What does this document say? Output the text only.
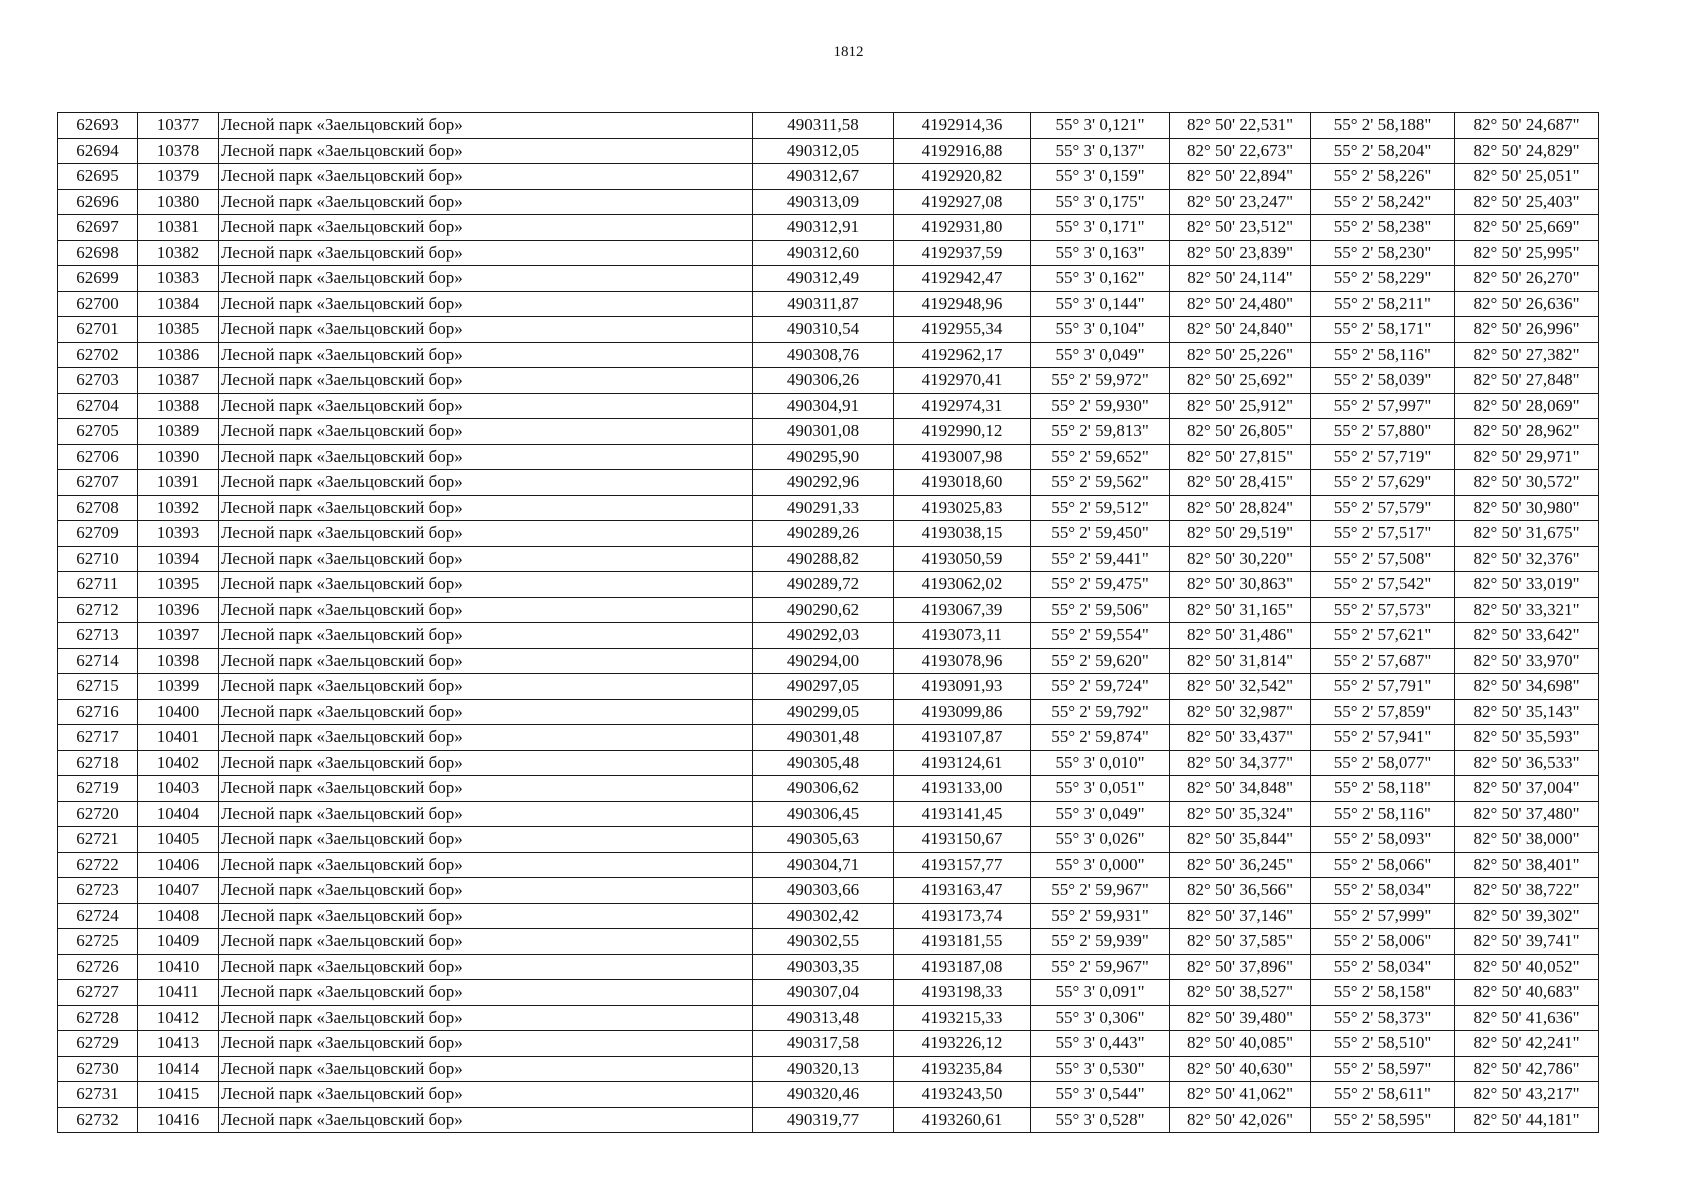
1812
62693	10377	Лесной парк «Заельцовский бор»	490311,58	4192914,36	55° 3' 0,121"	82° 50' 22,531"	55° 2' 58,188"	82° 50' 24,687"
62694	10378	Лесной парк «Заельцовский бор»	490312,05	4192916,88	55° 3' 0,137"	82° 50' 22,673"	55° 2' 58,204"	82° 50' 24,829"
62695	10379	Лесной парк «Заельцовский бор»	490312,67	4192920,82	55° 3' 0,159"	82° 50' 22,894"	55° 2' 58,226"	82° 50' 25,051"
62696	10380	Лесной парк «Заельцовский бор»	490313,09	4192927,08	55° 3' 0,175"	82° 50' 23,247"	55° 2' 58,242"	82° 50' 25,403"
62697	10381	Лесной парк «Заельцовский бор»	490312,91	4192931,80	55° 3' 0,171"	82° 50' 23,512"	55° 2' 58,238"	82° 50' 25,669"
62698	10382	Лесной парк «Заельцовский бор»	490312,60	4192937,59	55° 3' 0,163"	82° 50' 23,839"	55° 2' 58,230"	82° 50' 25,995"
62699	10383	Лесной парк «Заельцовский бор»	490312,49	4192942,47	55° 3' 0,162"	82° 50' 24,114"	55° 2' 58,229"	82° 50' 26,270"
62700	10384	Лесной парк «Заельцовский бор»	490311,87	4192948,96	55° 3' 0,144"	82° 50' 24,480"	55° 2' 58,211"	82° 50' 26,636"
62701	10385	Лесной парк «Заельцовский бор»	490310,54	4192955,34	55° 3' 0,104"	82° 50' 24,840"	55° 2' 58,171"	82° 50' 26,996"
62702	10386	Лесной парк «Заельцовский бор»	490308,76	4192962,17	55° 3' 0,049"	82° 50' 25,226"	55° 2' 58,116"	82° 50' 27,382"
62703	10387	Лесной парк «Заельцовский бор»	490306,26	4192970,41	55° 2' 59,972"	82° 50' 25,692"	55° 2' 58,039"	82° 50' 27,848"
62704	10388	Лесной парк «Заельцовский бор»	490304,91	4192974,31	55° 2' 59,930"	82° 50' 25,912"	55° 2' 57,997"	82° 50' 28,069"
62705	10389	Лесной парк «Заельцовский бор»	490301,08	4192990,12	55° 2' 59,813"	82° 50' 26,805"	55° 2' 57,880"	82° 50' 28,962"
62706	10390	Лесной парк «Заельцовский бор»	490295,90	4193007,98	55° 2' 59,652"	82° 50' 27,815"	55° 2' 57,719"	82° 50' 29,971"
62707	10391	Лесной парк «Заельцовский бор»	490292,96	4193018,60	55° 2' 59,562"	82° 50' 28,415"	55° 2' 57,629"	82° 50' 30,572"
62708	10392	Лесной парк «Заельцовский бор»	490291,33	4193025,83	55° 2' 59,512"	82° 50' 28,824"	55° 2' 57,579"	82° 50' 30,980"
62709	10393	Лесной парк «Заельцовский бор»	490289,26	4193038,15	55° 2' 59,450"	82° 50' 29,519"	55° 2' 57,517"	82° 50' 31,675"
62710	10394	Лесной парк «Заельцовский бор»	490288,82	4193050,59	55° 2' 59,441"	82° 50' 30,220"	55° 2' 57,508"	82° 50' 32,376"
62711	10395	Лесной парк «Заельцовский бор»	490289,72	4193062,02	55° 2' 59,475"	82° 50' 30,863"	55° 2' 57,542"	82° 50' 33,019"
62712	10396	Лесной парк «Заельцовский бор»	490290,62	4193067,39	55° 2' 59,506"	82° 50' 31,165"	55° 2' 57,573"	82° 50' 33,321"
62713	10397	Лесной парк «Заельцовский бор»	490292,03	4193073,11	55° 2' 59,554"	82° 50' 31,486"	55° 2' 57,621"	82° 50' 33,642"
62714	10398	Лесной парк «Заельцовский бор»	490294,00	4193078,96	55° 2' 59,620"	82° 50' 31,814"	55° 2' 57,687"	82° 50' 33,970"
62715	10399	Лесной парк «Заельцовский бор»	490297,05	4193091,93	55° 2' 59,724"	82° 50' 32,542"	55° 2' 57,791"	82° 50' 34,698"
62716	10400	Лесной парк «Заельцовский бор»	490299,05	4193099,86	55° 2' 59,792"	82° 50' 32,987"	55° 2' 57,859"	82° 50' 35,143"
62717	10401	Лесной парк «Заельцовский бор»	490301,48	4193107,87	55° 2' 59,874"	82° 50' 33,437"	55° 2' 57,941"	82° 50' 35,593"
62718	10402	Лесной парк «Заельцовский бор»	490305,48	4193124,61	55° 3' 0,010"	82° 50' 34,377"	55° 2' 58,077"	82° 50' 36,533"
62719	10403	Лесной парк «Заельцовский бор»	490306,62	4193133,00	55° 3' 0,051"	82° 50' 34,848"	55° 2' 58,118"	82° 50' 37,004"
62720	10404	Лесной парк «Заельцовский бор»	490306,45	4193141,45	55° 3' 0,049"	82° 50' 35,324"	55° 2' 58,116"	82° 50' 37,480"
62721	10405	Лесной парк «Заельцовский бор»	490305,63	4193150,67	55° 3' 0,026"	82° 50' 35,844"	55° 2' 58,093"	82° 50' 38,000"
62722	10406	Лесной парк «Заельцовский бор»	490304,71	4193157,77	55° 3' 0,000"	82° 50' 36,245"	55° 2' 58,066"	82° 50' 38,401"
62723	10407	Лесной парк «Заельцовский бор»	490303,66	4193163,47	55° 2' 59,967"	82° 50' 36,566"	55° 2' 58,034"	82° 50' 38,722"
62724	10408	Лесной парк «Заельцовский бор»	490302,42	4193173,74	55° 2' 59,931"	82° 50' 37,146"	55° 2' 57,999"	82° 50' 39,302"
62725	10409	Лесной парк «Заельцовский бор»	490302,55	4193181,55	55° 2' 59,939"	82° 50' 37,585"	55° 2' 58,006"	82° 50' 39,741"
62726	10410	Лесной парк «Заельцовский бор»	490303,35	4193187,08	55° 2' 59,967"	82° 50' 37,896"	55° 2' 58,034"	82° 50' 40,052"
62727	10411	Лесной парк «Заельцовский бор»	490307,04	4193198,33	55° 3' 0,091"	82° 50' 38,527"	55° 2' 58,158"	82° 50' 40,683"
62728	10412	Лесной парк «Заельцовский бор»	490313,48	4193215,33	55° 3' 0,306"	82° 50' 39,480"	55° 2' 58,373"	82° 50' 41,636"
62729	10413	Лесной парк «Заельцовский бор»	490317,58	4193226,12	55° 3' 0,443"	82° 50' 40,085"	55° 2' 58,510"	82° 50' 42,241"
62730	10414	Лесной парк «Заельцовский бор»	490320,13	4193235,84	55° 3' 0,530"	82° 50' 40,630"	55° 2' 58,597"	82° 50' 42,786"
62731	10415	Лесной парк «Заельцовский бор»	490320,46	4193243,50	55° 3' 0,544"	82° 50' 41,062"	55° 2' 58,611"	82° 50' 43,217"
62732	10416	Лесной парк «Заельцовский бор»	490319,77	4193260,61	55° 3' 0,528"	82° 50' 42,026"	55° 2' 58,595"	82° 50' 44,181"
